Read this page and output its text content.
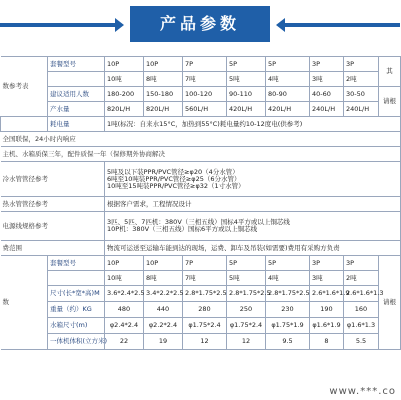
产品参数
数参考表	套餐型号	10P	10P	7P	5P	5P	3P	3P	其
		10吨	8吨	7吨	5吨	4吨	3吨	2吨	
	建议适用人数	180-200	150-180	100-120	90-110	80-90	40-60	30-50	请根
	产水量	820L/H	820L/H	560L/H	420L/H	420L/H	240L/H	240L/H	
	耗电量	1吨(标况：自来水15°C，加热到55°C)耗电量约10-12度电(供参考)							
全国联保，24小时内响应									
主机、水箱质保三年，配件质保一年（保修期外协商解决									
冷水管管径参考		5吨及以下装PPR/PVC管径≥φ20（4分水管）
6吨至10吨装PPR/PVC管径≥φ25（6分水管）
10吨至15吨装PPR/PVC管径≥φ32（1寸水管）							
热水管管径参考		根据客户需求，工程情况设计							
电源线规格参考		3匹、5匹、7匹机：380V（三相五线）国标4平方或以上铜芯线
10P机：380V（三相五线）国标6平方或以上铜芯线							
费范围		物流可运送至运输车能到达的现场，运费、卸车及吊装(如需要)费用有采购方负责							
数	套餐型号	10P	10P	7P	5P	5P	3P	3P	请根
		10吨	8吨	7吨	5吨	4吨	3吨	2吨	
	尺寸(长*宽*高)M	3.6*2.4*2.5	3.4*2.2*2.5	2.8*1.75*2.5	2.8*1.75*2.5	2.8*1.75*2.5	2.6*1.6*1.9	2.6*1.6*1.3	
	重量（约）KG	480	440	280	250	230	190	160	
	水箱尺寸(m)	φ2.4*2.4	φ2.2*2.4	φ1.75*2.4	φ1.75*2.4	φ1.75*1.9	φ1.6*1.9	φ1.6*1.3	
	一体机体积(立方米)	22	19	12	12	9.5	8	5.5	
www.***.co
